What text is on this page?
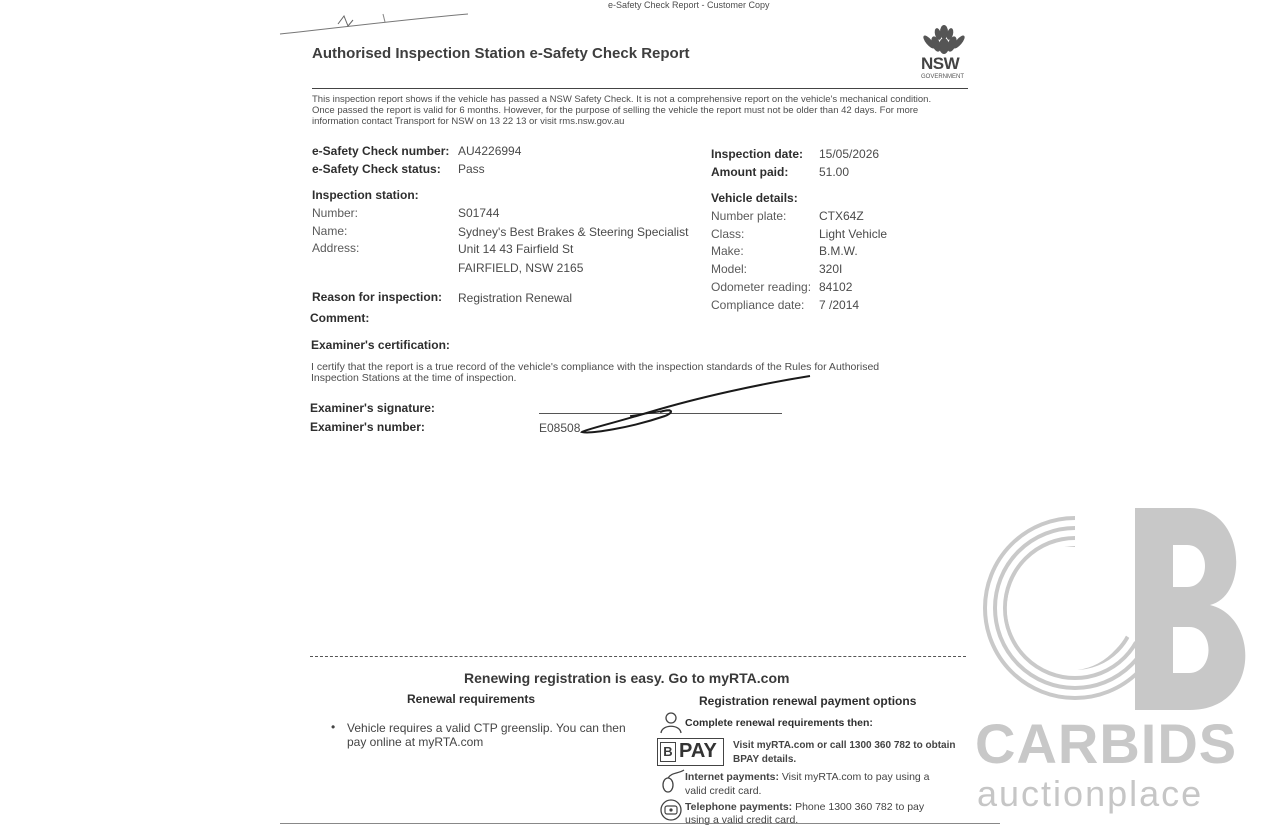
e-Safety Check Report - Customer Copy
Authorised Inspection Station e-Safety Check Report
NSW
GOVERNMENT
This inspection report shows if the vehicle has passed a NSW Safety Check. It is not a comprehensive report on the vehicle's mechanical condition.
Once passed the report is valid for 6 months. However, for the purpose of selling the vehicle the report must not be older than 42 days. For more
information contact Transport for NSW on 13 22 13 or visit rms.nsw.gov.au
e-Safety Check number: AU4226994
e-Safety Check status: Pass
Inspection station:
Number:	S01744
Name:	Sydney's Best Brakes & Steering Specialist
Address:	Unit 14 43 Fairfield St
FAIRFIELD, NSW 2165
Reason for inspection: Registration Renewal
Comment:
Inspection date: 15/05/2026
Amount paid:	51.00
Vehicle details:
Number plate:	CTX64Z
Class:	Light Vehicle
Make:	B.M.W.
Model:	320I
Odometer reading: 84102
Compliance date: 7 /2014
Examiner's certification:
I certify that the report is a true record of the vehicle's compliance with the inspection standards of the Rules for Authorised
Inspection Stations at the time of inspection.
Examiner's signature:
Examiner's number:	E08508
Renewing registration is easy. Go to myRTA.com
Renewal requirements
• Vehicle requires a valid CTP greenslip. You can then
pay online at myRTA.com
Registration renewal payment options
Complete renewal requirements then:
B PAY Visit myRTA.com or call 1300 360 782 to obtain
BPAY details.
Internet payments: Visit myRTA.com to pay using a
valid credit card.
Telephone payments: Phone 1300 360 782 to pay
using a valid credit card.
CARBIDS
auctionplace
